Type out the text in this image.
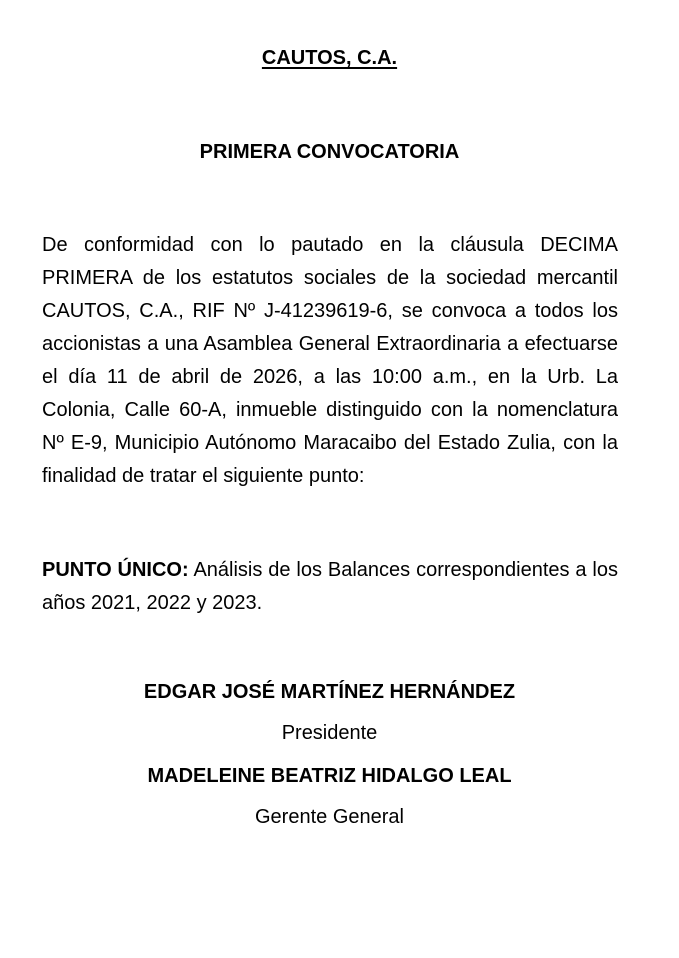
CAUTOS, C.A.
PRIMERA CONVOCATORIA
De conformidad con lo pautado en la cláusula DECIMA PRIMERA de los estatutos sociales de la sociedad mercantil CAUTOS, C.A., RIF Nº J-41239619-6, se convoca a todos los accionistas a una Asamblea General Extraordinaria a efectuarse el día 11 de abril de 2026, a las 10:00 a.m., en la Urb. La Colonia, Calle 60-A, inmueble distinguido con la nomenclatura Nº E-9, Municipio Autónomo Maracaibo del Estado Zulia, con la finalidad de tratar el siguiente punto:
PUNTO ÚNICO: Análisis de los Balances correspondientes a los años 2021, 2022 y 2023.
EDGAR JOSÉ MARTÍNEZ HERNÁNDEZ
Presidente
MADELEINE BEATRIZ HIDALGO LEAL
Gerente General
